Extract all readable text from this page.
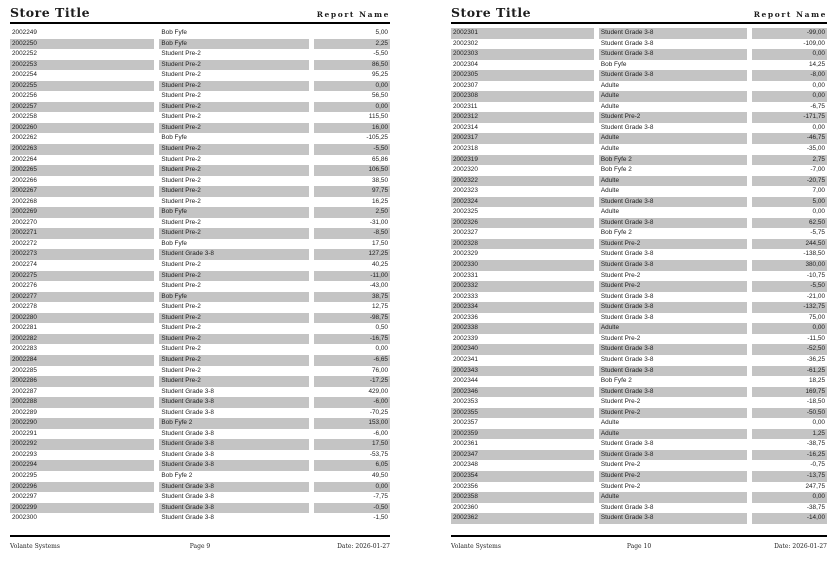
Store Title	Report Name
2002249	Bob Fyfe	5,00
2002250	Bob Fyfe	2,25
2002252	Student Pre-2	-5,50
2002253	Student Pre-2	86,50
2002254	Student Pre-2	95,25
2002255	Student Pre-2	0,00
2002256	Student Pre-2	56,50
2002257	Student Pre-2	0,00
2002258	Student Pre-2	115,50
2002260	Student Pre-2	16,00
2002262	Bob Fyfe	-105,25
2002263	Student Pre-2	-5,50
2002264	Student Pre-2	65,86
2002265	Student Pre-2	106,50
2002266	Student Pre-2	38,50
2002267	Student Pre-2	97,75
2002268	Student Pre-2	16,25
2002269	Bob Fyfe	2,50
2002270	Student Pre-2	-31,00
2002271	Student Pre-2	-8,50
2002272	Bob Fyfe	17,50
2002273	Student Grade 3-8	127,25
2002274	Student Pre-2	40,25
2002275	Student Pre-2	-11,00
2002276	Student Pre-2	-43,00
2002277	Bob Fyfe	38,75
2002278	Student Pre-2	12,75
2002280	Student Pre-2	-98,75
2002281	Student Pre-2	0,50
2002282	Student Pre-2	-16,75
2002283	Student Pre-2	0,00
2002284	Student Pre-2	-6,65
2002285	Student Pre-2	76,00
2002286	Student Pre-2	-17,25
2002287	Student Grade 3-8	429,00
2002288	Student Grade 3-8	-6,00
2002289	Student Grade 3-8	-70,25
2002290	Bob Fyfe 2	153,00
2002291	Student Grade 3-8	-6,00
2002292	Student Grade 3-8	17,50
2002293	Student Grade 3-8	-53,75
2002294	Student Grade 3-8	6,05
2002295	Bob Fyfe 2	49,50
2002296	Student Grade 3-8	0,00
2002297	Student Grade 3-8	-7,75
2002299	Student Grade 3-8	-0,50
2002300	Student Grade 3-8	-1,50
Volante Systems	Page 9	Date: 2026-01-27
Store Title	Report Name
2002301	Student Grade 3-8	-99,00
2002302	Student Grade 3-8	-109,00
2002303	Student Grade 3-8	0,00
2002304	Bob Fyfe	14,25
2002305	Student Grade 3-8	-8,00
2002307	Adulte	0,00
2002308	Adulte	0,00
2002311	Adulte	-6,75
2002312	Student Pre-2	-171,75
2002314	Student Grade 3-8	0,00
2002317	Adulte	-46,75
2002318	Adulte	-35,00
2002319	Bob Fyfe 2	2,75
2002320	Bob Fyfe 2	-7,00
2002322	Adulte	-20,75
2002323	Adulte	7,00
2002324	Student Grade 3-8	5,00
2002325	Adulte	0,00
2002326	Student Grade 3-8	62,50
2002327	Bob Fyfe 2	-5,75
2002328	Student Pre-2	244,50
2002329	Student Grade 3-8	-138,50
2002330	Student Grade 3-8	380,00
2002331	Student Pre-2	-10,75
2002332	Student Pre-2	-5,50
2002333	Student Grade 3-8	-21,00
2002334	Student Grade 3-8	-132,75
2002336	Student Grade 3-8	75,00
2002338	Adulte	0,00
2002339	Student Pre-2	-11,50
2002340	Student Grade 3-8	-52,50
2002341	Student Grade 3-8	-36,25
2002343	Student Grade 3-8	-61,25
2002344	Bob Fyfe 2	18,25
2002346	Student Grade 3-8	169,75
2002353	Student Pre-2	-18,50
2002355	Student Pre-2	-50,50
2002357	Adulte	0,00
2002359	Adulte	1,25
2002361	Student Grade 3-8	-38,75
2002347	Student Grade 3-8	-16,25
2002348	Student Pre-2	-0,75
2002354	Student Pre-2	-13,75
2002356	Student Pre-2	247,75
2002358	Adulte	0,00
2002360	Student Grade 3-8	-38,75
2002362	Student Grade 3-8	-14,00
Volante Systems	Page 10	Date: 2026-01-27
